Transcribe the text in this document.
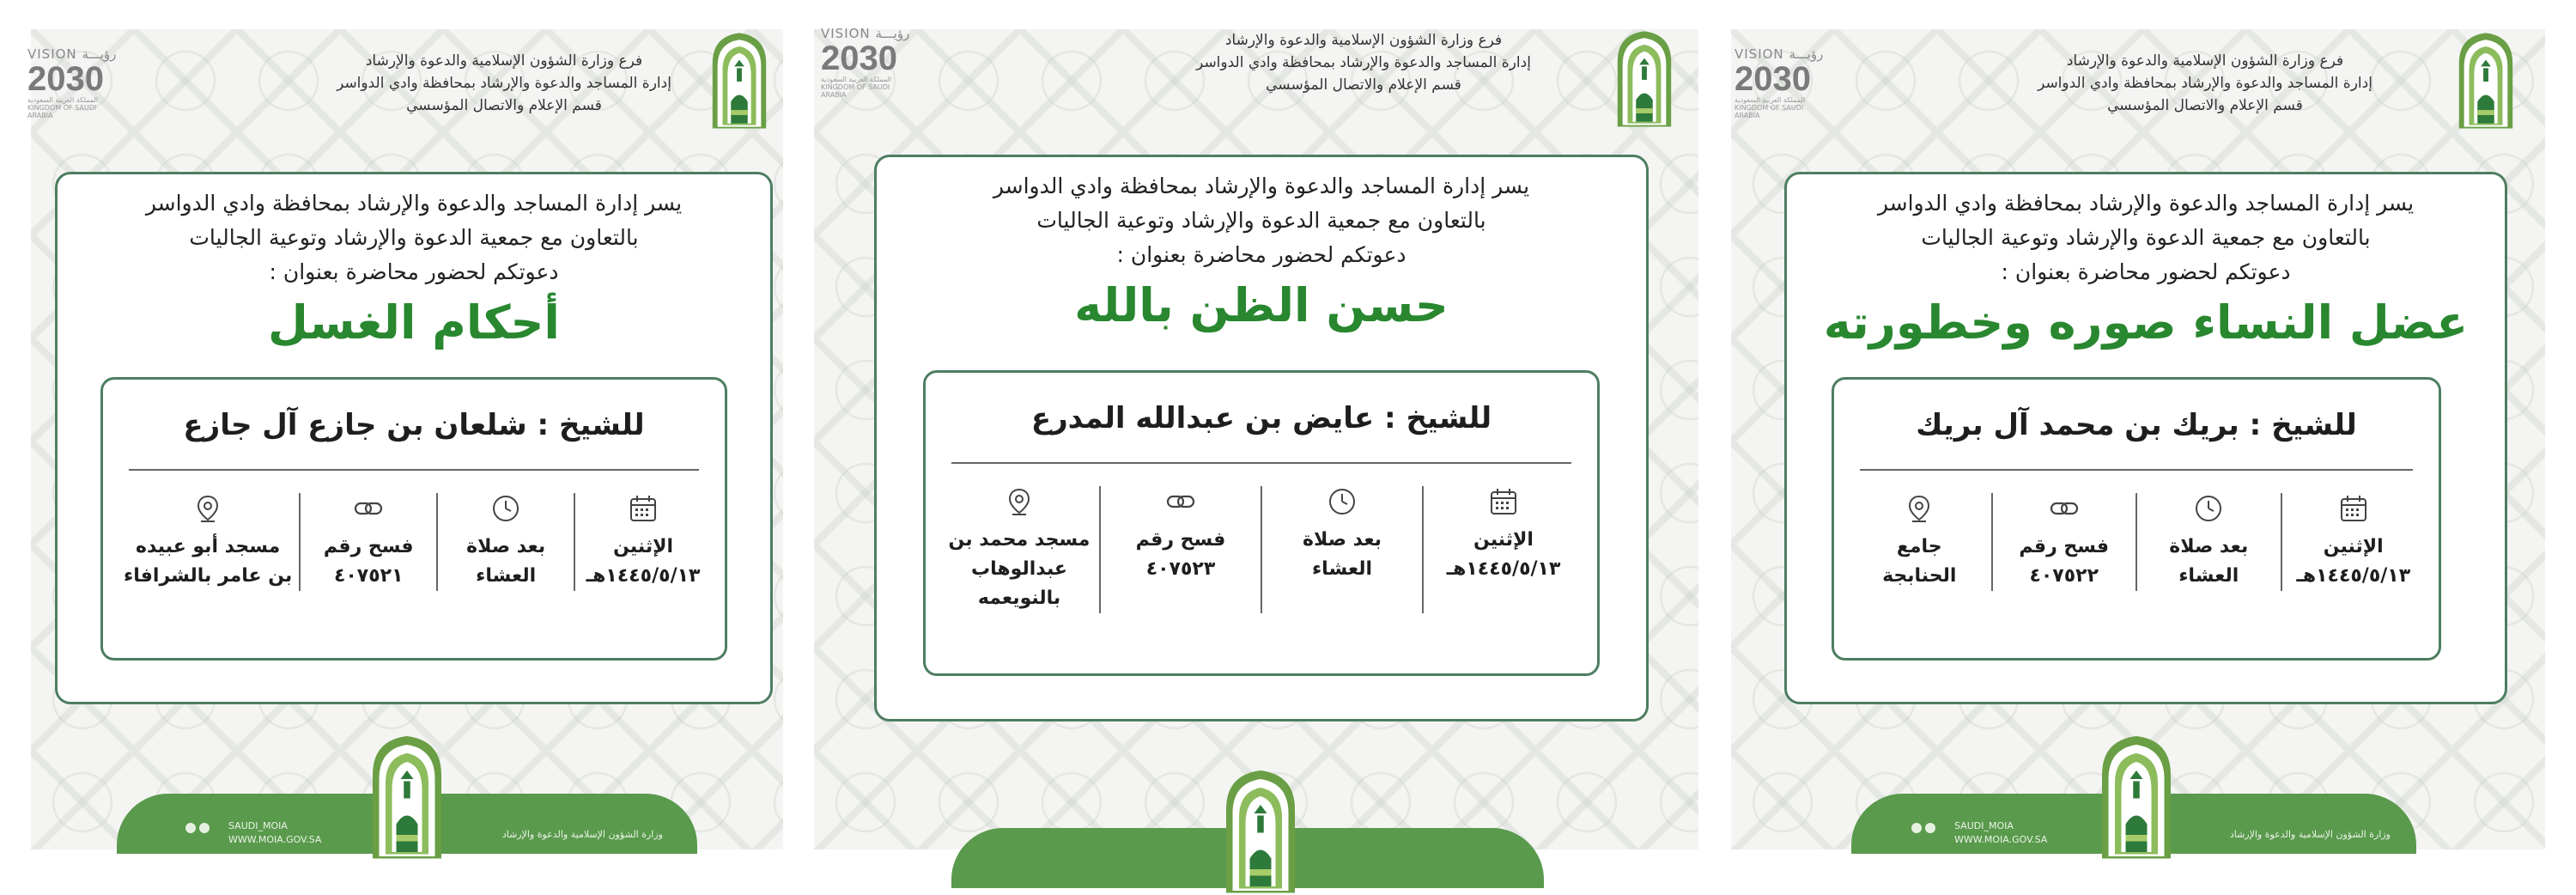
فرع وزارة الشؤون الإسلامية والدعوة والإرشاد
إدارة المساجد والدعوة والإرشاد بمحافظة وادي الدواسر
قسم الإعلام والاتصال المؤسسي
VISION رؤيـــة
2030
المملكة العربية السعودية
KINGDOM OF SAUDI ARABIA
يسر إدارة المساجد والدعوة والإرشاد بمحافظة وادي الدواسر
بالتعاون مع جمعية الدعوة والإرشاد وتوعية الجاليات
دعوتكم لحضور محاضرة بعنوان :
أحكام الغسل
للشيخ : شلعان بن جازع آل جازع
الإثنين
١٤٤٥/٥/١٣هـ
بعد صلاة
العشاء
فسح رقم
٤٠٧٥٢١
مسجد أبو عبيده
بن عامر بالشرافاء
وزارة الشؤون الإسلامية والدعوة والإرشاد
SAUDI_MOIA
WWW.MOIA.GOV.SA
فرع وزارة الشؤون الإسلامية والدعوة والإرشاد
إدارة المساجد والدعوة والإرشاد بمحافظة وادي الدواسر
قسم الإعلام والاتصال المؤسسي
VISION رؤيـــة
2030
المملكة العربية السعودية
KINGDOM OF SAUDI ARABIA
يسر إدارة المساجد والدعوة والإرشاد بمحافظة وادي الدواسر
بالتعاون مع جمعية الدعوة والإرشاد وتوعية الجاليات
دعوتكم لحضور محاضرة بعنوان :
حسن الظن بالله
للشيخ : عايض بن عبدالله المدرع
الإثنين
١٤٤٥/٥/١٣هـ
بعد صلاة
العشاء
فسح رقم
٤٠٧٥٢٣
مسجد محمد بن
عبدالوهاب
بالنويعمه
فرع وزارة الشؤون الإسلامية والدعوة والإرشاد
إدارة المساجد والدعوة والإرشاد بمحافظة وادي الدواسر
قسم الإعلام والاتصال المؤسسي
VISION رؤيـــة
2030
المملكة العربية السعودية
KINGDOM OF SAUDI ARABIA
يسر إدارة المساجد والدعوة والإرشاد بمحافظة وادي الدواسر
بالتعاون مع جمعية الدعوة والإرشاد وتوعية الجاليات
دعوتكم لحضور محاضرة بعنوان :
عضل النساء صوره وخطورته
للشيخ : بريك بن محمد آل بريك
الإثنين
١٤٤٥/٥/١٣هـ
بعد صلاة
العشاء
فسح رقم
٤٠٧٥٢٢
جامع
الحنابجة
وزارة الشؤون الإسلامية والدعوة والإرشاد
SAUDI_MOIA
WWW.MOIA.GOV.SA
